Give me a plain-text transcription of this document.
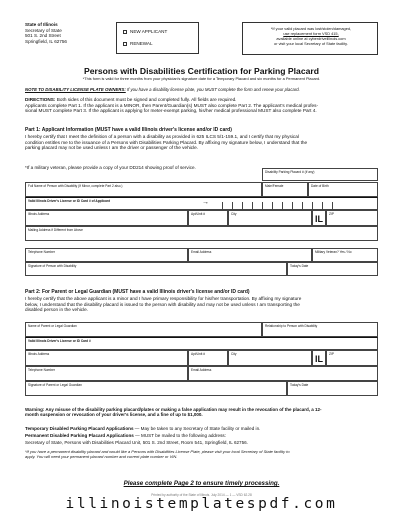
State of Illinois
Secretary of State
501 S. 2nd Street
Springfield, IL 62756
NEW APPLICANT
RENEWAL
*If your valid placard was lost/stolen/damaged,
use replacement form VSD 415,
available online at cyberdriveillinois.com
or visit your local Secretary of State facility.
Persons with Disabilities Certification for Parking Placard
*This form is valid for three months from your physician's signature date for a Temporary Placard and six months for a Permanent Placard.
NOTE TO DISABILITY LICENSE PLATE OWNERS: If you have a disability license plate, you MUST complete the form and renew your placard.
DIRECTIONS: Both sides of this document must be signed and completed fully. All fields are required.
Applicants complete Part 1. If the applicant is a MINOR, then Parent/Guardian(s) MUST also complete Part 2. The applicant's medical profes-
sional MUST complete Part 3. If the applicant is applying for meter-exempt parking, his/her medical professional MUST also complete Part 4.
Part 1: Applicant Information (MUST have a valid Illinois driver's license and/or ID card)
I hereby certify that I meet the definition of a person with a disability as provided in 625 ILCS 5/1-159.1, and I certify that my physical
condition entitles me to the issuance of a Persons with Disabilities Parking Placard. By affixing my signature below, I understand that the
parking placard may not be used unless I am the driver or passenger of the vehicle.
*If a military veteran, please provide a copy of your DD214 showing proof of service.
Disability Parking Placard # (if any)
Full Name of Person with Disability (If Minor, complete Part 2 also.)	Male/Female	Date of Birth
Valid Illinois Driver's License or ID Card # of Applicant	→
Illinois Address	Apt/Unit #	City	IL ZIP
Mailing Address if Different from Above
Telephone Number	Email Address	Military Veteran? Yes / No
Signature of Person with Disability	Today's Date
Part 2: For Parent or Legal Guardian (MUST have a valid Illinois driver's license and/or ID card)
I hereby certify that the above applicant is a minor and I have primary responsibility for his/her transportation. By affixing my signature
below, I understand that the disability placard is issued to the person with disability and may not be used unless I am transporting the
disabled person in the vehicle.
Name of Parent or Legal Guardian	Relationship to Person with Disability
Valid Illinois Driver's License or ID Card #
Illinois Address	Apt/Unit #	City	IL ZIP
Telephone Number	Email Address
Signature of Parent or Legal Guardian	Today's Date
Warning: Any misuse of the disability parking placard/plates or making a false application may result in the revocation of the placard, a 12-
month suspension or revocation of your driver's license, and a fine of up to $1,000.
Temporary Disabled Parking Placard Applications — May be taken to any Secretary of State facility or mailed in.
Permanent Disabled Parking Placard Applications — MUST be mailed to the following address:
Secretary of State, Persons with Disabilities Placard Unit, 501 S. 2nd Street, Room 541, Springfield, IL 62756.
*If you have a permanent disability placard and would like a Persons with Disabilities License Plate, please visit your local Secretary of State facility to
apply. You will need your permanent placard number and current plate number or VIN.
Please complete Page 2 to ensure timely processing.
Printed by authority of the State of Illinois. July 2014 — 1 — VSD 62.28
illinoistemplatespdf.com
